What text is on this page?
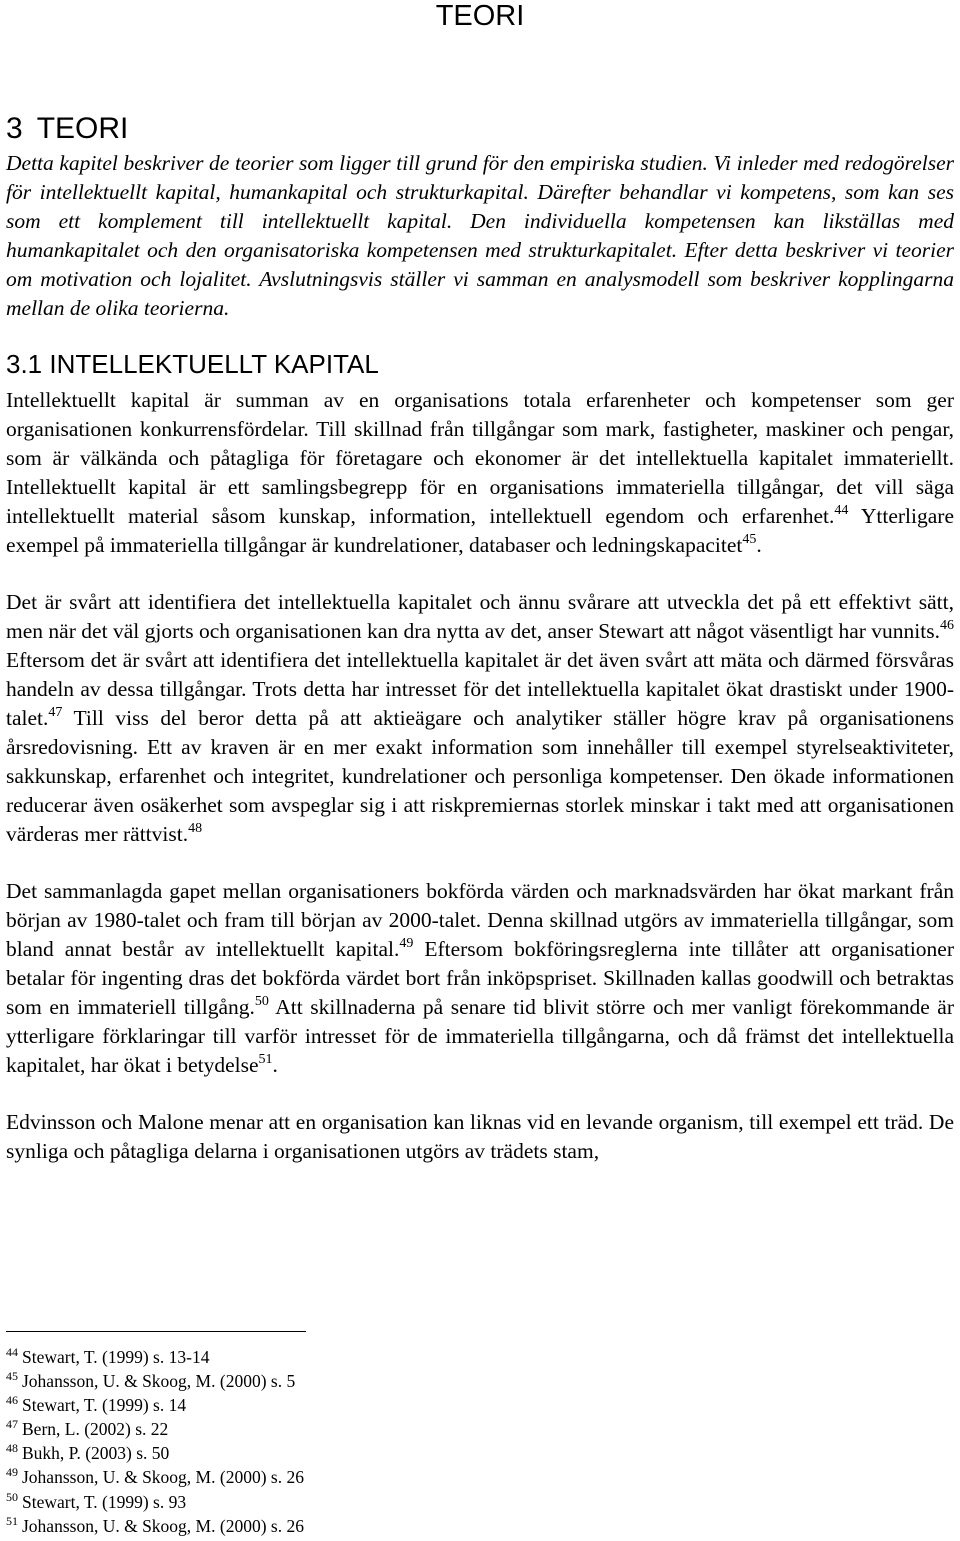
TEORI
3 TEORI

Detta kapitel beskriver de teorier som ligger till grund för den empiriska studien. Vi inleder med redogörelser för intellektuellt kapital, humankapital och strukturkapital. Därefter behandlar vi kompetens, som kan ses som ett komplement till intellektuellt kapital. Den individuella kompetensen kan likställas med humankapitalet och den organisatoriska kompetensen med strukturkapitalet. Efter detta beskriver vi teorier om motivation och lojalitet. Avslutningsvis ställer vi samman en analysmodell som beskriver kopplingarna mellan de olika teorierna.

3.1 INTELLEKTUELLT KAPITAL

Intellektuellt kapital är summan av en organisations totala erfarenheter och kompetenser som ger organisationen konkurrensfördelar. Till skillnad från tillgångar som mark, fastigheter, maskiner och pengar, som är välkända och påtagliga för företagare och ekonomer är det intellektuella kapitalet immateriellt. Intellektuellt kapital är ett samlingsbegrepp för en organisations immateriella tillgångar, det vill säga intellektuellt material såsom kunskap, information, intellektuell egendom och erfarenhet.$^{44}$ Ytterligare exempel på immateriella tillgångar är kundrelationer, databaser och ledningskapacitet$^{45}$.

Det är svårt att identifiera det intellektuella kapitalet och ännu svårare att utveckla det på ett effektivt sätt, men när det väl gjorts och organisationen kan dra nytta av det, anser Stewart att något väsentligt har vunnits.$^{46}$ Eftersom det är svårt att identifiera det intellektuella kapitalet är det även svårt att mäta och därmed försvåras handeln av dessa tillgångar. Trots detta har intresset för det intellektuella kapitalet ökat drastiskt under 1900-talet.$^{47}$ Till viss del beror detta på att aktieägare och analytiker ställer högre krav på organisationens årsredovisning. Ett av kraven är en mer exakt information som innehåller till exempel styrelseaktiviteter, sakkunskap, erfarenhet och integritet, kundrelationer och personliga kompetenser. Den ökade informationen reducerar även osäkerhet som avspeglar sig i att riskpremiernas storlek minskar i takt med att organisationen värderas mer rättvist.$^{48}$

Det sammanlagda gapet mellan organisationers bokförda värden och marknadsvärden har ökat markant från början av 1980-talet och fram till början av 2000-talet. Denna skillnad utgörs av immateriella tillgångar, som bland annat består av intellektuellt kapital.$^{49}$ Eftersom bokföringsreglerna inte tillåter att organisationer betalar för ingenting dras det bokförda värdet bort från inköpspriset. Skillnaden kallas goodwill och betraktas som en immateriell tillgång.$^{50}$ Att skillnaderna på senare tid blivit större och mer vanligt förekommande är ytterligare förklaringar till varför intresset för de immateriella tillgångarna, och då främst det intellektuella kapitalet, har ökat i betydelse$^{51}$.

Edvinsson och Malone menar att en organisation kan liknas vid en levande organism, till exempel ett träd. De synliga och påtagliga delarna i organisationen utgörs av trädets stam,

$^{44}$ Stewart, T. (1999) s. 13-14
$^{45}$ Johansson, U. & Skoog, M. (2000) s. 5
$^{46}$ Stewart, T. (1999) s. 14
$^{47}$ Bern, L. (2002) s. 22
$^{48}$ Bukh, P. (2003) s. 50
$^{49}$ Johansson, U. & Skoog, M. (2000) s. 26
$^{50}$ Stewart, T. (1999) s. 93
$^{51}$ Johansson, U. & Skoog, M. (2000) s. 26
